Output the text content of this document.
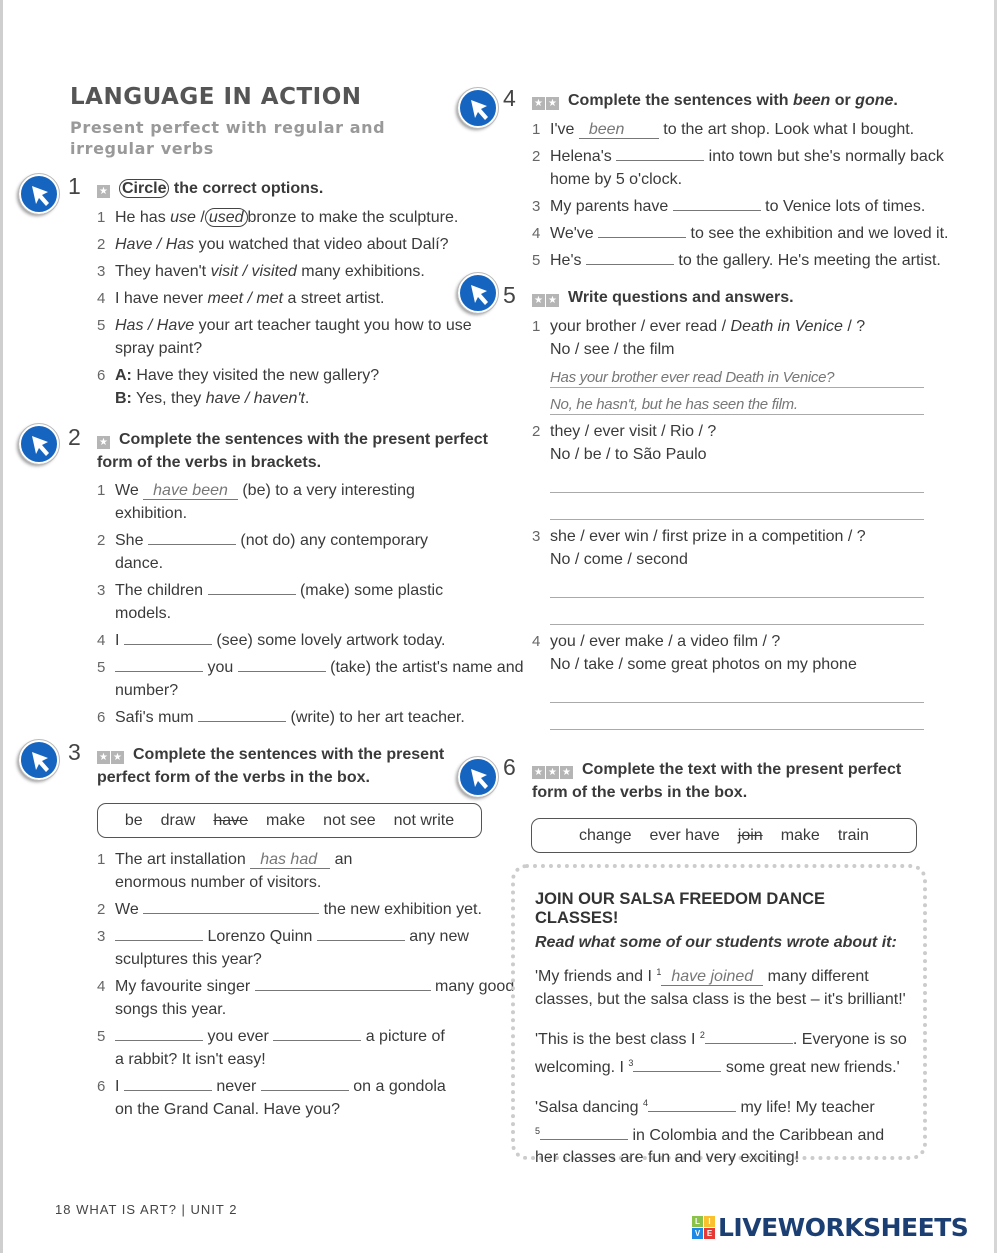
LANGUAGE IN ACTION
Present perfect with regular and
irregular verbs
1 ★ Circle the correct options.
1 He has use / used bronze to make the sculpture.
2 Have / Has you watched that video about Dalí?
3 They haven't visit / visited many exhibitions.
4 I have never meet / met a street artist.
5 Has / Have your art teacher taught you how to use
spray paint?
6 A: Have they visited the new gallery?
B: Yes, they have / haven't.
2 ★ Complete the sentences with the present perfect
form of the verbs in brackets.
1 We have been (be) to a very interesting
exhibition.
2 She	(not do) any contemporary
dance.
3 The children	(make) some plastic
models.
4 I	(see) some lovely artwork today.
5	you	(take) the artist's name and
number?
6 Safi's mum	(write) to her art teacher.
3 ★ ★ Complete the sentences with the present
perfect form of the verbs in the box.
be draw have make not see not write
1 The art installation has had an
enormous number of visitors.
2 We	the new exhibition yet.
3	Lorenzo Quinn	any new
sculptures this year?
4 My favourite singer	many good
songs this year.
5	you ever	a picture of
a rabbit? It isn't easy!
6 I	never	on a gondola
on the Grand Canal. Have you?
4 ★ ★ Complete the sentences with been or gone.
1 I've been to the art shop. Look what I bought.
2 Helena's	into town but she's normally back
home by 5 o'clock.
3 My parents have	to Venice lots of times.
4 We've	to see the exhibition and we loved it.
5 He's	to the gallery. He's meeting the artist.
5 ★ ★ Write questions and answers.
1 your brother / ever read / Death in Venice / ?
No / see / the film
Has your brother ever read Death in Venice?
No, he hasn't, but he has seen the film.
2 they / ever visit / Rio / ?
No / be / to São Paulo
3 she / ever win / first prize in a competition / ?
No / come / second
4 you / ever make / a video film / ?
No / take / some great photos on my phone
6 ★ ★ ★ Complete the text with the present perfect
form of the verbs in the box.
change ever have join make train
JOIN OUR SALSA FREEDOM DANCE CLASSES!
Read what some of our students wrote about it:

'My friends and I $^1$ have joined many different
classes, but the salsa class is the best – it's brilliant!'

'This is the best class I $^2$	. Everyone is so
welcoming. I $^3$	some great new friends.'

'Salsa dancing $^4$	my life! My teacher
$^5$	in Colombia and the Caribbean and
her classes are fun and very exciting!

18 WHAT IS ART? | UNIT 2
L	I
V E LIVEWORKSHEETS
